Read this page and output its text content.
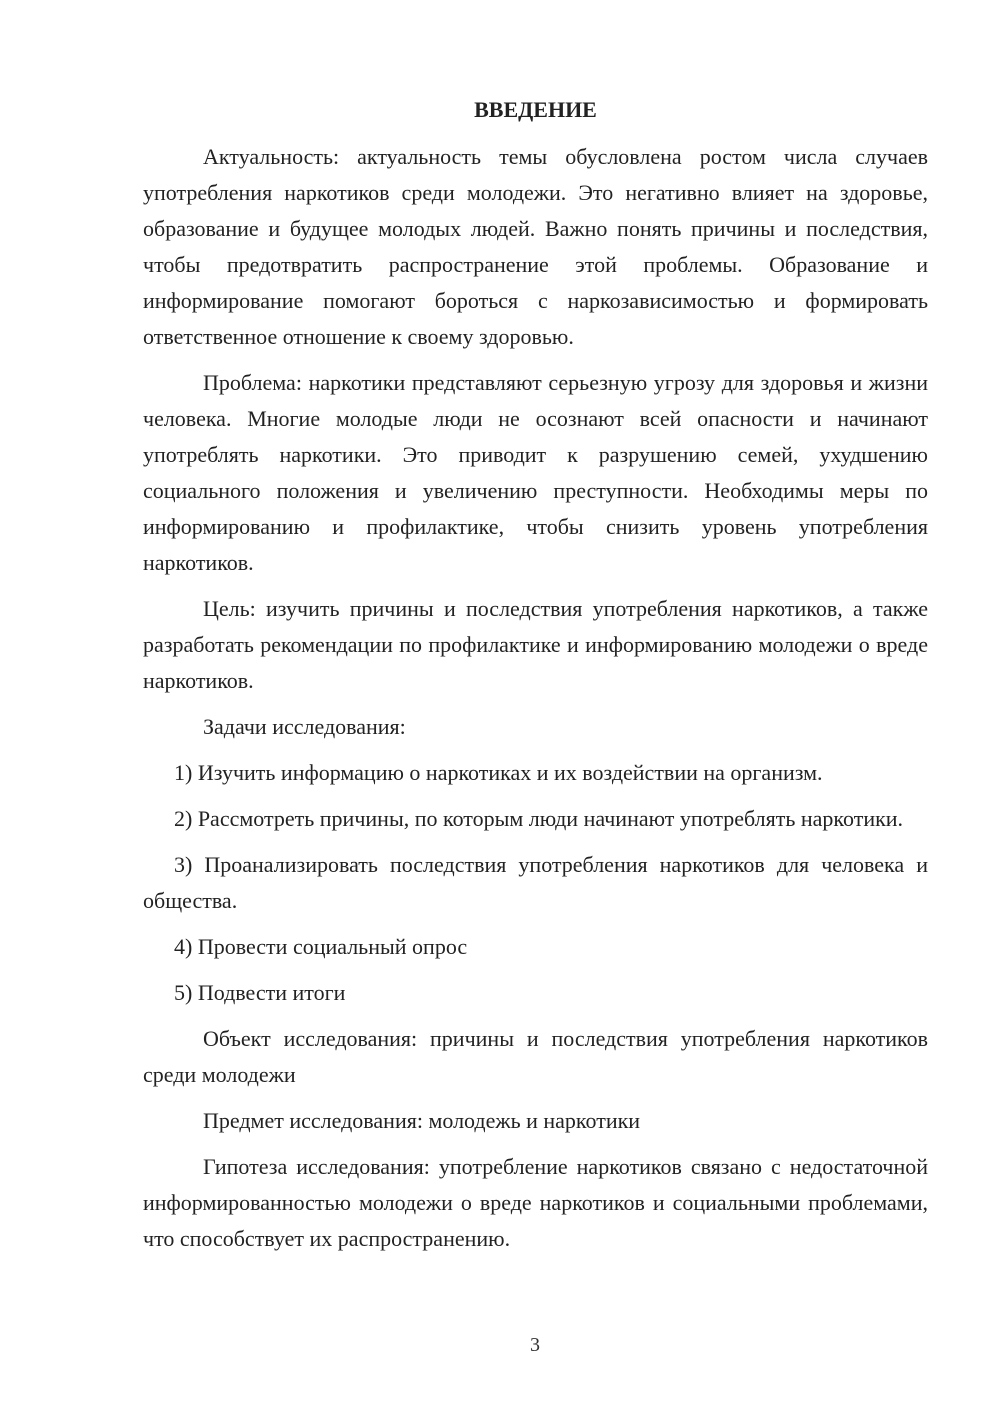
ВВЕДЕНИЕ

Актуальность: актуальность темы обусловлена ростом числа случаев употребления наркотиков среди молодежи. Это негативно влияет на здоровье, образование и будущее молодых людей. Важно понять причины и последствия, чтобы предотвратить распространение этой проблемы. Образование и информирование помогают бороться с наркозависимостью и формировать ответственное отношение к своему здоровью.

Проблема: наркотики представляют серьезную угрозу для здоровья и жизни человека. Многие молодые люди не осознают всей опасности и начинают употреблять наркотики. Это приводит к разрушению семей, ухудшению социального положения и увеличению преступности. Необходимы меры по информированию и профилактике, чтобы снизить уровень употребления наркотиков.

Цель: изучить причины и последствия употребления наркотиков, а также разработать рекомендации по профилактике и информированию молодежи о вреде наркотиков.

Задачи исследования:

1) Изучить информацию о наркотиках и их воздействии на организм.

2) Рассмотреть причины, по которым люди начинают употреблять наркотики.

3) Проанализировать последствия употребления наркотиков для человека и общества.

4) Провести социальный опрос

5) Подвести итоги

Объект исследования: причины и последствия употребления наркотиков среди молодежи

Предмет исследования: молодежь и наркотики

Гипотеза исследования: употребление наркотиков связано с недостаточной информированностью молодежи о вреде наркотиков и социальными проблемами, что способствует их распространению.

3
